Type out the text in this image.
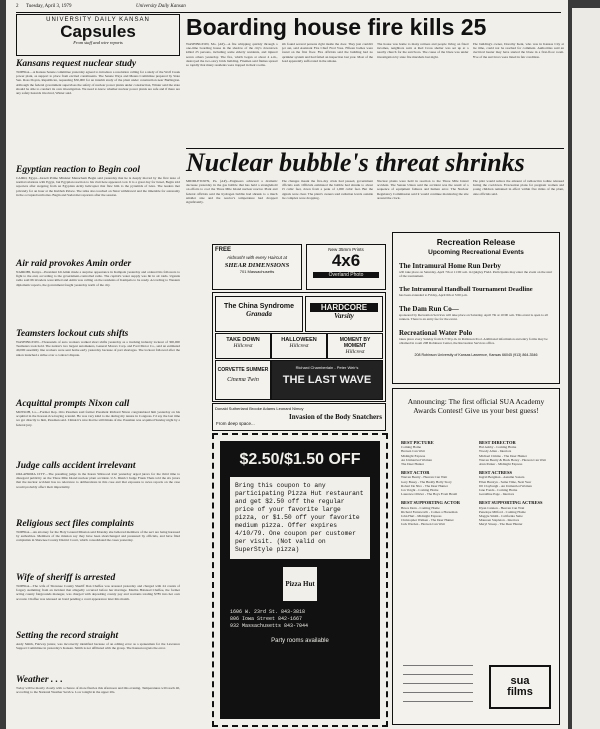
2 Tuesday, April 3, 1979	University Daily Kansan
UNIVERSITY DAILY KANSAN
Capsules
From staff and wire reports
Kansans request nuclear study
TOPEKA—A Kansas Senate committee yesterday agreed to introduce a resolution calling for a study of the Wolf Creek power plant, as support to place from excited constituents. The Senate Ways and Means Committee prepared by State Sen. Ross Doyen, Republican, requesting $50,000 for an interim study of the plant under construction near Burlington. Although the federal government supervises the safety of nuclear power plants under construction, Winter said the state should be able to conduct its own investigation. We need to know whether nuclear power plants are safe and if there are any safety hazards involved, Winter said.
Egyptian reaction to Begin cool
CAIRO, Egypt—Israeli Prime Minister Menachem Begin said yesterday that he is deeply moved by the first taste of normal relations with Egypt, but Egyptian reaction to his visit here appeared cool. It is a great day for Israel, Begin told reporters after stepping from an Egyptian Army helicopter that flew him to the pyramids of Giza. The leaders met privately for an hour at the Kubbeh Palace. The talks also touched on Sinai withdrawal and the timetable for autonomy in the occupied territories. Begin and Sadat met reporters after the session.
Air raid provokes Amin order
NAIROBI, Kenya—President Idi Amin made a surprise appearance in Kampala yesterday and ordered his followers to fight to the end, according to the government-controlled radio. The capital's water supply was hit in air raids. Uganda radio said 66 invaders were killed and Amin was calling on the residents of Kampala to be ready. According to Western diplomatic reports, the government fought yesterday north of the city.
Teamsters lockout cuts shifts
WASHINGTON—Thousands of auto workers walked short shifts yesterday as a trucking industry lockout of 300,000 Teamsters took hold. The nation's two largest automakers, General Motors Corp. and Ford Motor Co., said an estimated 40,000 assembly line workers were sent home early yesterday because of part shortages. The lockout followed after the union launched a strike over a contract dispute.
Acquittal prompts Nixon call
MOSSOH, La.—Former Rep. Otto Passman said former President Richard Nixon congratulated him yesterday on his acquittal in the Korean rice-buying scandal. He was very kind to me during my tenure in Congress. I'd say the last time we got directly to him, Passman said. I think it's nice that he still thinks of me. Passman was acquitted Sunday night by a federal jury.
Judge calls accident irrelevant
OKLAHOMA CITY—The presiding judge in the Karen Silkwood trial yesterday urged jurors for the third time to disregard publicity on the Three Mile Island nuclear plant accident. U.S. District Judge Frank Theis told the six jurors that the nuclear accident has no relevance to deliberations in this case and that exposure to news reports on the case would probably affect their impartiality.
Religious sect files complaints
TOPEKA—An attorney for the Holy Ground Mission said Monday she believed members of the sect are being harassed by authorities. Members of the mission say they have been shortchanged and pressured by officials, and have filed complaints in Shawnee County District Court, which consolidated the cases yesterday.
Wife of sheriff is arrested
TOPEKA—The wife of Shawnee County Sheriff Dan Chaffee was arrested yesterday and charged with 24 counts of forgery stemming from an incident that allegedly occurred before her marriage. Martha Halstead Chaffee, the former acting county fairgrounds manager, was charged with depositing county pay and warrants totaling $785 into her own account. Chaffee was released on bond pending a court appearance later this month.
Setting the record straight
Andy Smith, Fairway junior, was incorrectly identified because of an editing error as a spokesman for the Lawrence Support Committee in yesterday's Kansan. Smith is not affiliated with the group. The Kansan regrets the error.
Weather . . .
Today will be mostly cloudy with a chance of more flurries this afternoon and this evening. Temperatures will reach 40, according to the National Weather Service. Low tonight in the upper 20s.
Boarding house fire kills 25
WASHINGTON, Mo. (AP)—A fire whipping quickly through a one-time boarding house in the shadow of the city's downtown killed 25 persons, including some elderly residents, and injured seven others yesterday. The fire, which began at about 4 a.m., destroyed the two-story brick building. Firemen said flames spread so rapidly that many residents were trapped in their rooms.
We found several persons right inside the door. They just couldn't get out, said Assistant Fire Chief Fred Voss. Fifteen bodies were found on the first floor. Fire officials said the building had no sprinkler system and had failed an inspection last year. Most of the dead apparently suffocated in the smoke.
The house was home to many retirees and people living on fixed incomes, neighbors said. A Red Cross shelter was set up at a nearby church for the survivors. The cause of the blaze was under investigation by state fire marshals last night.
The building's owner, Dorothy Kent, who was in Kansas City at the time, could not be reached for comment. Authorities said an electrical heater may have started the blaze in a first-floor room. Five of the survivors were listed in fair condition.
Nuclear bubble's threat shrinks
MIDDLETOWN, Pa. (AP)—Engineers achieved a dramatic decrease yesterday in the gas bubble that has held a stranglehold on efforts to cool the Three Mile Island nuclear reactor. Plant and federal officials said the hydrogen bubble had shrunk to a much smaller size and the reactor's temperature had dropped significantly.
The changes meant the five-day crisis had passed, government officials said. Officials estimated the bubble had shrunk to about 15 cubic feet, down from a peak of 1,000 cubic feet. But the signals were clear. The plant's owners said radiation levels outside the complex were dropping.
Nuclear plants were held in reaction to the Three Mile Island accident. The Senate Union said the accident was the result of a sequence of equipment failures and human error. The Nuclear Regulatory Commission said it would continue monitoring the site around the clock.
The pilot would reduce the amount of radioactive iodine released during the cooldown. Evacuation plans for pregnant women and young children remained in effect within five miles of the plant, state officials said.
FREE
Airbrush! with every Haircut at
SHEAR DIMENSIONS
701 Massachusetts
New 35mm Prints
4x6
Overland Photo
The China Syndrome
Granada
HARDCORE
Varsity
TAKE DOWN
Hillcrest
HALLOWEEN
Hillcrest
MOMENT BY MOMENT
Hillcrest
CORVETTE SUMMER
Cinema Twin
Richard Chamberlain - Peter Weir's
THE LAST WAVE
Donald Sutherland Brooke Adams Leonard Nimoy
Invasion of the Body Snatchers
From deep space...
$2.50/$1.50 OFF
Bring this coupon to any participating Pizza Hut restaurant and get $2.50 off the regular price of your favorite large pizza, or $1.50 off your favorite medium pizza. Offer expires 4/10/79. One coupon per customer per visit. (Not valid on SuperStyle pizza)
Pizza Hut
1606 W. 23rd St. 843-3818
806 Iowa Street 842-1667
932 Massachusetts 843-7044
Party rooms available
Recreation Release
Upcoming Recreational Events
The Intramural Home Run Derby
will take place on Saturday, April 7th at 11:00 a.m. in Quigley Field. Participants may enter the event on the start of the tournament.
The Intramural Handball Tournament Deadline
has been extended to Friday, April 6th at 5:00 p.m.
The Dam Run Co—
sponsored by Recreation Services will take place on Saturday, April 7th at 10:00 a.m. This event is open to all runners. There is an entry fee for the event.
Recreational Water Polo
takes place every Sunday from 6-7:30 p.m. in Robinson Pool. Additional information and entry forms may be obtained in room 208 Robinson Center, the Recreation Services office.
208 Robinson University of Kansas Lawrence, Kansas 66045 (913) 864-3546
Announcing: The first official SUA Academy Awards Contest! Give us your best guess!
BEST PICTURE
Coming Home
Heaven Can Wait
Midnight Express
An Unmarried Woman
The Deer Hunter
BEST DIRECTOR
Hal Ashby - Coming Home
Woody Allen - Interiors
Michael Cimino - The Deer Hunter
Warren Beatty & Buck Henry - Heaven Can Wait
Alan Parker - Midnight Express
BEST ACTOR
Warren Beatty - Heaven Can Wait
Gary Busey - The Buddy Holly Story
Robert De Niro - The Deer Hunter
Jon Voight - Coming Home
Laurence Olivier - The Boys From Brazil
BEST ACTRESS
Ingrid Bergman - Autumn Sonata
Ellen Burstyn - Same Time, Next Year
Jill Clayburgh - An Unmarried Woman
Jane Fonda - Coming Home
Geraldine Page - Interiors
BEST SUPPORTING ACTOR
Bruce Dern - Coming Home
Richard Farnsworth - Comes a Horseman
John Hurt - Midnight Express
Christopher Walken - The Deer Hunter
Jack Warden - Heaven Can Wait
BEST SUPPORTING ACTRESS
Dyan Cannon - Heaven Can Wait
Penelope Milford - Coming Home
Maggie Smith - California Suite
Maureen Stapleton - Interiors
Meryl Streep - The Deer Hunter
sua films
